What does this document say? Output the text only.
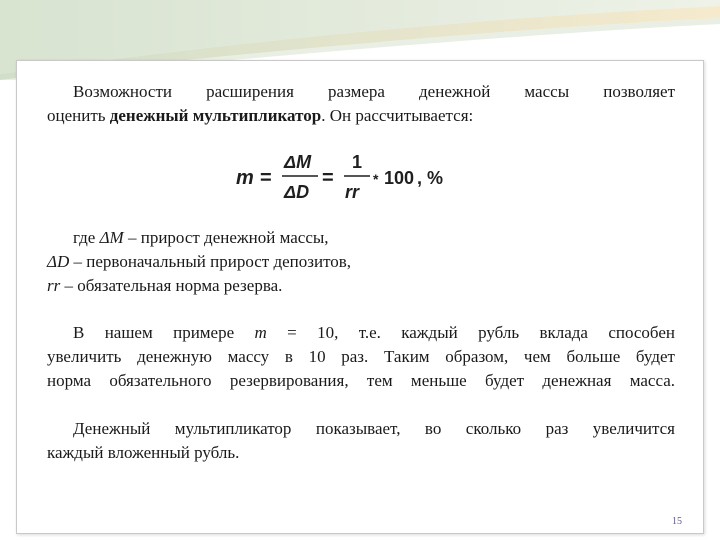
Возможности расширения размера денежной массы позволяет
оценить денежный мультипликатор. Он рассчитывается:
m =
ΔM
ΔD
=
1
rr
* 100 , %
где ΔM – прирост денежной массы,
ΔD – первоначальный прирост депозитов,
rr – обязательная норма резерва.
В нашем примере m = 10, т.е. каждый рубль вклада способен
увеличить денежную массу в 10 раз. Таким образом, чем больше будет
норма обязательного резервирования, тем меньше будет денежная масса.
Денежный мультипликатор показывает, во сколько раз увеличится
каждый вложенный рубль.
15
